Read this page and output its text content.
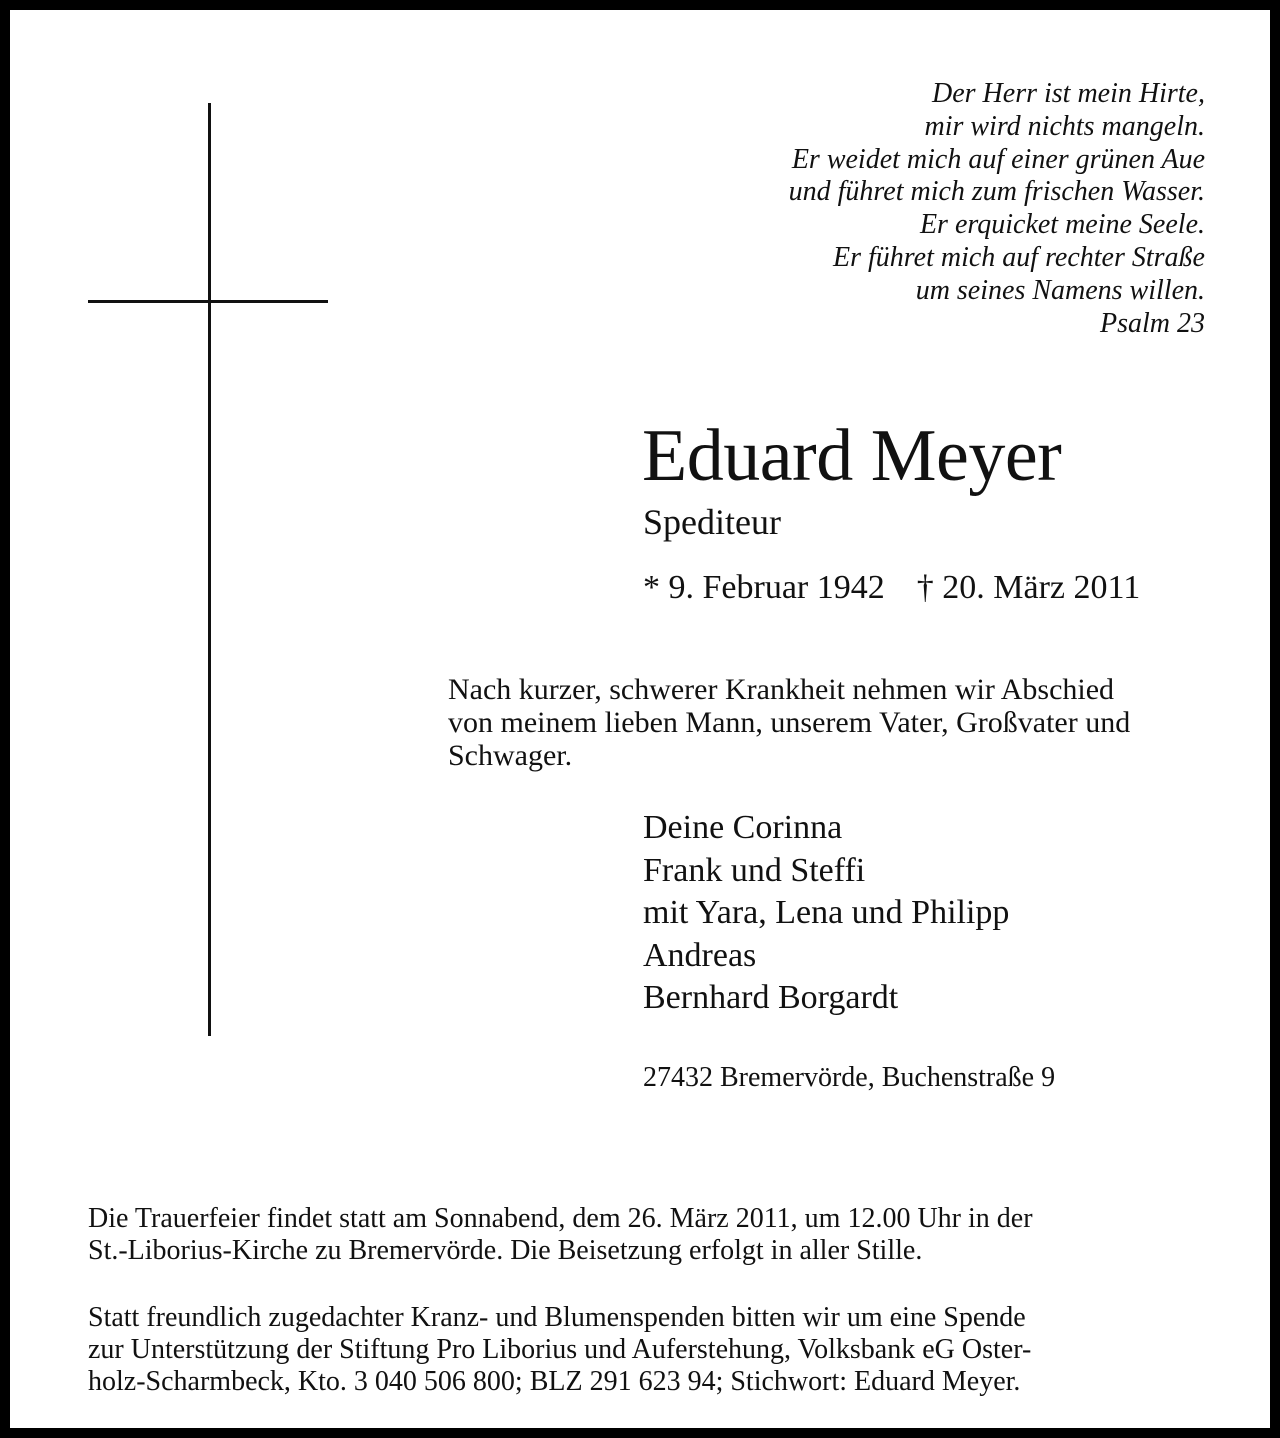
Der Herr ist mein Hirte,
mir wird nichts mangeln.
Er weidet mich auf einer grünen Aue
und führet mich zum frischen Wasser.
Er erquicket meine Seele.
Er führet mich auf rechter Straße
um seines Namens willen.
Psalm 23
Eduard Meyer
Spediteur
* 9. Februar 1942 † 20. März 2011
Nach kurzer, schwerer Krankheit nehmen wir Abschied
von meinem lieben Mann, unserem Vater, Großvater und
Schwager.
Deine Corinna
Frank und Steffi
mit Yara, Lena und Philipp
Andreas
Bernhard Borgardt
27432 Bremervörde, Buchenstraße 9
Die Trauerfeier findet statt am Sonnabend, dem 26. März 2011, um 12.00 Uhr in der
St.-Liborius-Kirche zu Bremervörde. Die Beisetzung erfolgt in aller Stille.
Statt freundlich zugedachter Kranz- und Blumenspenden bitten wir um eine Spende
zur Unterstützung der Stiftung Pro Liborius und Auferstehung, Volksbank eG Oster-
holz-Scharmbeck, Kto. 3 040 506 800; BLZ 291 623 94; Stichwort: Eduard Meyer.
